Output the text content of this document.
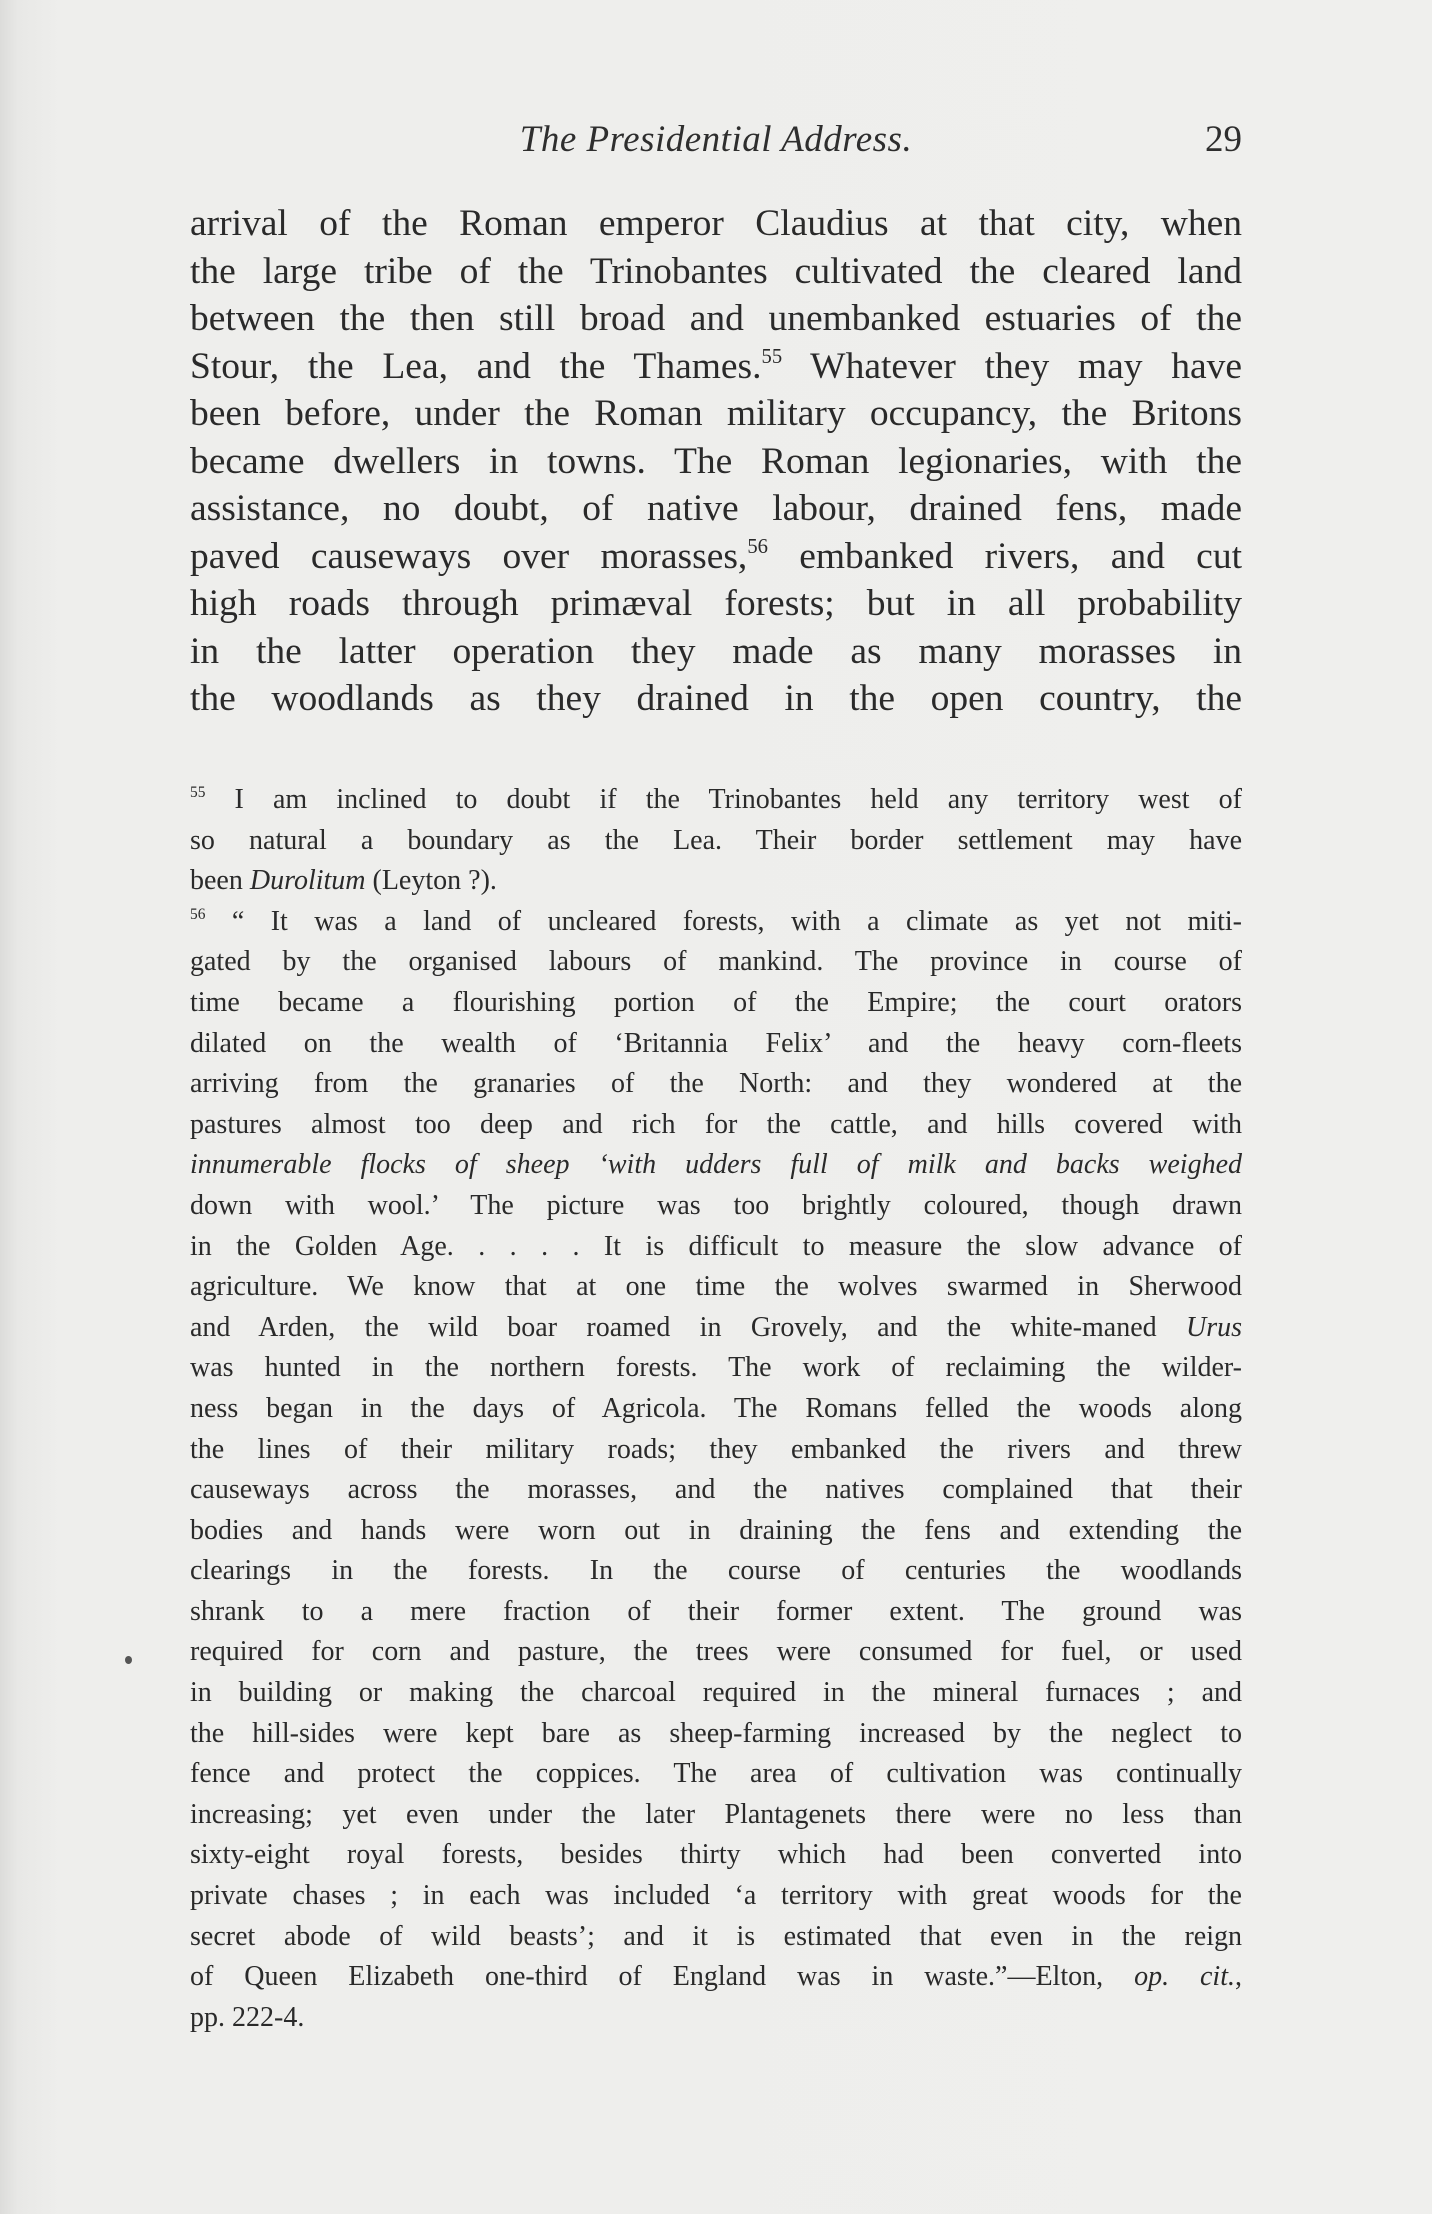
The Presidential Address.	29
arrival of the Roman emperor Claudius at that city, when
the large tribe of the Trinobantes cultivated the cleared land
between the then still broad and unembanked estuaries of the
Stour, the Lea, and the Thames.$^{55}$ Whatever they may have
been before, under the Roman military occupancy, the Britons
became dwellers in towns. The Roman legionaries, with the
assistance, no doubt, of native labour, drained fens, made
paved causeways over morasses,$^{56}$ embanked rivers, and cut
high roads through primæval forests; but in all probability
in the latter operation they made as many morasses in
the woodlands as they drained in the open country, the
$^{55}$ I am inclined to doubt if the Trinobantes held any territory west of
so natural a boundary as the Lea. Their border settlement may have
been Durolitum (Leyton ?).
$^{56}$ “ It was a land of uncleared forests, with a climate as yet not miti-
gated by the organised labours of mankind. The province in course of
time became a flourishing portion of the Empire; the court orators
dilated on the wealth of ‘Britannia Felix’ and the heavy corn-fleets
arriving from the granaries of the North: and they wondered at the
pastures almost too deep and rich for the cattle, and hills covered with
innumerable flocks of sheep ‘with udders full of milk and backs weighed
down with wool.’ The picture was too brightly coloured, though drawn
in the Golden Age. . . . . It is difficult to measure the slow advance of
agriculture. We know that at one time the wolves swarmed in Sherwood
and Arden, the wild boar roamed in Grovely, and the white-maned Urus
was hunted in the northern forests. The work of reclaiming the wilder-
ness began in the days of Agricola. The Romans felled the woods along
the lines of their military roads; they embanked the rivers and threw
causeways across the morasses, and the natives complained that their
bodies and hands were worn out in draining the fens and extending the
clearings in the forests. In the course of centuries the woodlands
shrank to a mere fraction of their former extent. The ground was
required for corn and pasture, the trees were consumed for fuel, or used
in building or making the charcoal required in the mineral furnaces ; and
the hill-sides were kept bare as sheep-farming increased by the neglect to
fence and protect the coppices. The area of cultivation was continually
increasing; yet even under the later Plantagenets there were no less than
sixty-eight royal forests, besides thirty which had been converted into
private chases ; in each was included ‘a territory with great woods for the
secret abode of wild beasts’; and it is estimated that even in the reign
of Queen Elizabeth one-third of England was in waste.”—Elton, op. cit.,
pp. 222-4.
